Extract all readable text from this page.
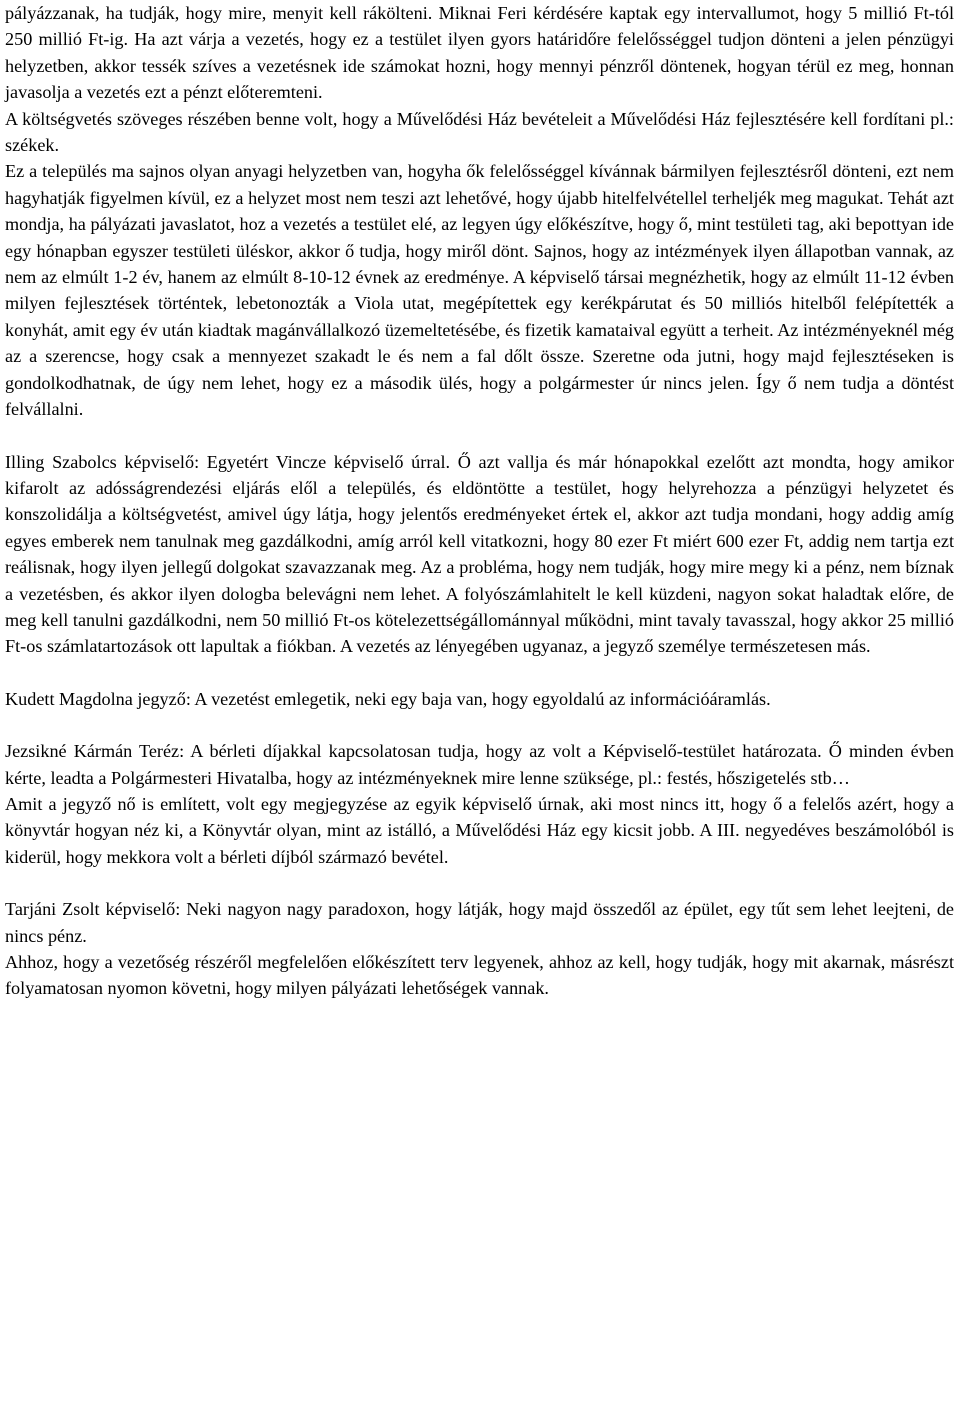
pályázzanak, ha tudják, hogy mire, menyit kell rákölteni. Miknai Feri kérdésére kaptak egy intervallumot, hogy 5 millió Ft-tól 250 millió Ft-ig. Ha azt várja a vezetés, hogy ez a testület ilyen gyors határidőre felelősséggel tudjon dönteni a jelen pénzügyi helyzetben, akkor tessék szíves a vezetésnek ide számokat hozni, hogy mennyi pénzről döntenek, hogyan térül ez meg, honnan javasolja a vezetés ezt a pénzt előteremteni.

A költségvetés szöveges részében benne volt, hogy a Művelődési Ház bevételeit a Művelődési Ház fejlesztésére kell fordítani pl.: székek.

Ez a település ma sajnos olyan anyagi helyzetben van, hogyha ők felelősséggel kívánnak bármilyen fejlesztésről dönteni, ezt nem hagyhatják figyelmen kívül, ez a helyzet most nem teszi azt lehetővé, hogy újabb hitelfelvétellel terheljék meg magukat. Tehát azt mondja, ha pályázati javaslatot, hoz a vezetés a testület elé, az legyen úgy előkészítve, hogy ő, mint testületi tag, aki bepottyan ide egy hónapban egyszer testületi üléskor, akkor ő tudja, hogy miről dönt. Sajnos, hogy az intézmények ilyen állapotban vannak, az nem az elmúlt 1-2 év, hanem az elmúlt 8-10-12 évnek az eredménye. A képviselő társai megnézhetik, hogy az elmúlt 11-12 évben milyen fejlesztések történtek, lebetonozták a Viola utat, megépítettek egy kerékpárutat és 50 milliós hitelből felépítették a konyhát, amit egy év után kiadtak magánvállalkozó üzemeltetésébe, és fizetik kamataival együtt a terheit. Az intézményeknél még az a szerencse, hogy csak a mennyezet szakadt le és nem a fal dőlt össze. Szeretne oda jutni, hogy majd fejlesztéseken is gondolkodhatnak, de úgy nem lehet, hogy ez a második ülés, hogy a polgármester úr nincs jelen. Így ő nem tudja a döntést felvállalni.

Illing Szabolcs képviselő: Egyetért Vincze képviselő úrral. Ő azt vallja és már hónapokkal ezelőtt azt mondta, hogy amikor kifarolt az adósságrendezési eljárás elől a település, és eldöntötte a testület, hogy helyrehozza a pénzügyi helyzetet és konszolidálja a költségvetést, amivel úgy látja, hogy jelentős eredményeket értek el, akkor azt tudja mondani, hogy addig amíg egyes emberek nem tanulnak meg gazdálkodni, amíg arról kell vitatkozni, hogy 80 ezer Ft miért 600 ezer Ft, addig nem tartja ezt reálisnak, hogy ilyen jellegű dolgokat szavazzanak meg. Az a probléma, hogy nem tudják, hogy mire megy ki a pénz, nem bíznak a vezetésben, és akkor ilyen dologba belevágni nem lehet. A folyószámlahitelt le kell küzdeni, nagyon sokat haladtak előre, de meg kell tanulni gazdálkodni, nem 50 millió Ft-os kötelezettségállománnyal működni, mint tavaly tavasszal, hogy akkor 25 millió Ft-os számlatartozások ott lapultak a fiókban. A vezetés az lényegében ugyanaz, a jegyző személye természetesen más.

Kudett Magdolna jegyző: A vezetést emlegetik, neki egy baja van, hogy egyoldalú az információáramlás.

Jezsikné Kármán Teréz: A bérleti díjakkal kapcsolatosan tudja, hogy az volt a Képviselő-testület határozata. Ő minden évben kérte, leadta a Polgármesteri Hivatalba, hogy az intézményeknek mire lenne szüksége, pl.: festés, hőszigetelés stb…

Amit a jegyző nő is említett, volt egy megjegyzése az egyik képviselő úrnak, aki most nincs itt, hogy ő a felelős azért, hogy a könyvtár hogyan néz ki, a Könyvtár olyan, mint az istálló, a Művelődési Ház egy kicsit jobb. A III. negyedéves beszámolóból is kiderül, hogy mekkora volt a bérleti díjból származó bevétel.

Tarjáni Zsolt képviselő: Neki nagyon nagy paradoxon, hogy látják, hogy majd összedől az épület, egy tűt sem lehet leejteni, de nincs pénz.

Ahhoz, hogy a vezetőség részéről megfelelően előkészített terv legyenek, ahhoz az kell, hogy tudják, hogy mit akarnak, másrészt folyamatosan nyomon követni, hogy milyen pályázati lehetőségek vannak.
